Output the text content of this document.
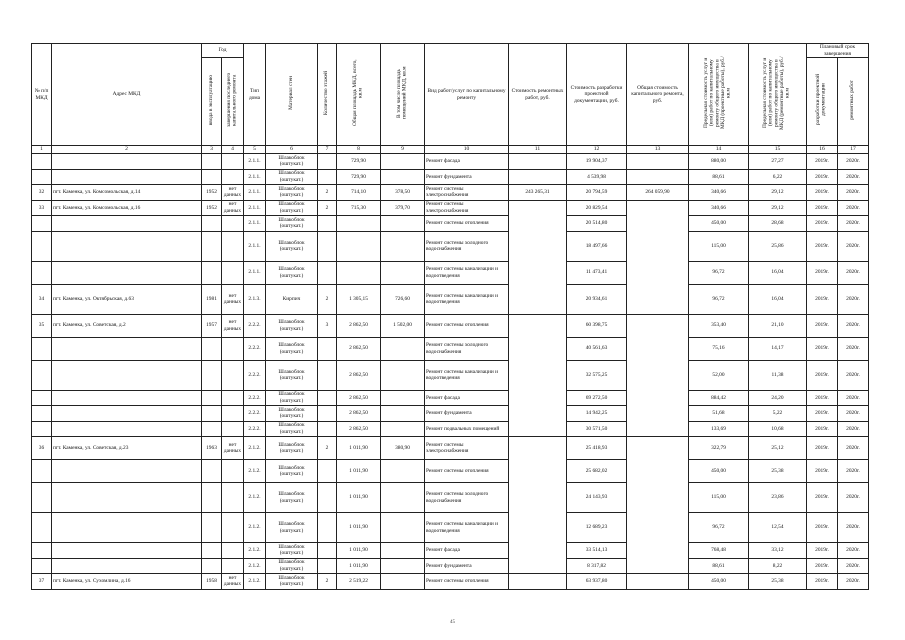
№ п/п МКД	Адрес МКД	Год		Тип дома	Материал стен	Количество этажей	Общая площадь МКД, всего, кв.м	В том числе площадь помещений МКД, кв.м	Вид работ/услуг по капитальному ремонту	Стоимость ремонтных работ, руб.	Стоимость разработки проектной документации, руб.	Общая стоимость капитального ремонта, руб.	Предельная стоимость услуг и (или) работ по капитальному ремонту общего имущества в МКД (проектные работы), руб./кв.м	Предельная стоимость услуг и (или) работ по капитальному ремонту общего имущества в МКД (ремонтные работы), руб./кв.м	Плановый срок завершения	
		ввода в эксплуатацию	завершения последнего капитального ремонта												разработки проектной документации	ремонтных работ
1	2	3	4	5	6	7	8	9	10	11	12	13	14	15	16	17
				2.1.1.	Шлакоблок (оштукат.)		729,90		Ремонт фасада		19 904,37		880,00	27,27	2019г.	2020г.
				2.1.1.	Шлакоблок (оштукат.)		729,90		Ремонт фундамента		4 539,98		88,61	6,22	2019г.	2020г.
32	пгт. Каменка, ул. Комсомольская, д.14	1952	нет данных	2.1.1.	Шлакоблок (оштукат.)	2	714,10	378,50	Ремонт системы электроснабжения	243 265,31	20 794,59	264 059,90	340,66	29,12	2019г.	2020г.
33	пгт. Каменка, ул. Комсомольская, д.16	1952	нет данных	2.1.1.	Шлакоблок (оштукат.)	2	715,30	379,70	Ремонт системы электроснабжения		20 829,54		340,66	29,12	2019г.	2020г.
				2.1.1.	Шлакоблок (оштукат.)				Ремонт системы отопления		20 514,80		450,00	28,68	2019г.	2020г.
				2.1.1.	Шлакоблок (оштукат.)				Ремонт системы холодного водоснабжения		18 497,66		115,00	25,86	2019г.	2020г.
				2.1.1.	Шлакоблок (оштукат.)				Ремонт системы канализации и водоотведения		11 473,41		96,72	16,04	2019г.	2020г.
34	пгт. Каменка, ул. Октябрьская, д.63	1981	нет данных	2.1.3.	Кирпич	2	1 305,15	726,60	Ремонт системы канализации и водоотведения		20 934,61		96,72	16,04	2019г.	2020г.
35	пгт. Каменка, ул. Советская, д.2	1957	нет данных	2.2.2.	Шлакоблок (оштукат.)	3	2 862,50	1 502,00	Ремонт системы отопления		60 398,75		353,40	21,10	2019г.	2020г.
				2.2.2.	Шлакоблок (оштукат.)		2 862,50		Ремонт системы холодного водоснабжения		40 561,63		75,16	14,17	2019г.	2020г.
				2.2.2.	Шлакоблок (оштукат.)		2 862,50		Ремонт системы канализации и водоотведения		32 575,25		52,00	11,38	2019г.	2020г.
				2.2.2.	Шлакоблок (оштукат.)		2 862,50		Ремонт фасада		69 272,50		884,42	24,20	2019г.	2020г.
				2.2.2.	Шлакоблок (оштукат.)		2 862,50		Ремонт фундамента		14 942,25		51,68	5,22	2019г.	2020г.
				2.2.2.	Шлакоблок (оштукат.)		2 862,50		Ремонт подвальных помещений		30 571,50		133,69	10,68	2019г.	2020г.
36	пгт. Каменка, ул. Советская, д.23	1963	нет данных	2.1.2.	Шлакоблок (оштукат.)	2	1 011,90	380,90	Ремонт системы электроснабжения		25 418,93		322,79	25,12	2019г.	2020г.
				2.1.2.	Шлакоблок (оштукат.)		1 011,90		Ремонт системы отопления		25 682,02		450,00	25,38	2019г.	2020г.
				2.1.2.	Шлакоблок (оштукат.)		1 011,90		Ремонт системы холодного водоснабжения		24 143,93		115,00	23,86	2019г.	2020г.
				2.1.2.	Шлакоблок (оштукат.)		1 011,90		Ремонт системы канализации и водоотведения		12 689,23		96,72	12,54	2019г.	2020г.
				2.1.2.	Шлакоблок (оштукат.)		1 011,90		Ремонт фасада		33 514,13		768,48	33,12	2019г.	2020г.
				2.1.2.	Шлакоблок (оштукат.)		1 011,90		Ремонт фундамента		8 317,82		88,61	8,22	2019г.	2020г.
37	пгт. Каменка, ул. Сухомлина, д.16	1958	нет данных	2.1.2.	Шлакоблок (оштукат.)	2	2 519,22		Ремонт системы отопления		63 937,80		450,00	25,38	2019г.	2020г.
45
